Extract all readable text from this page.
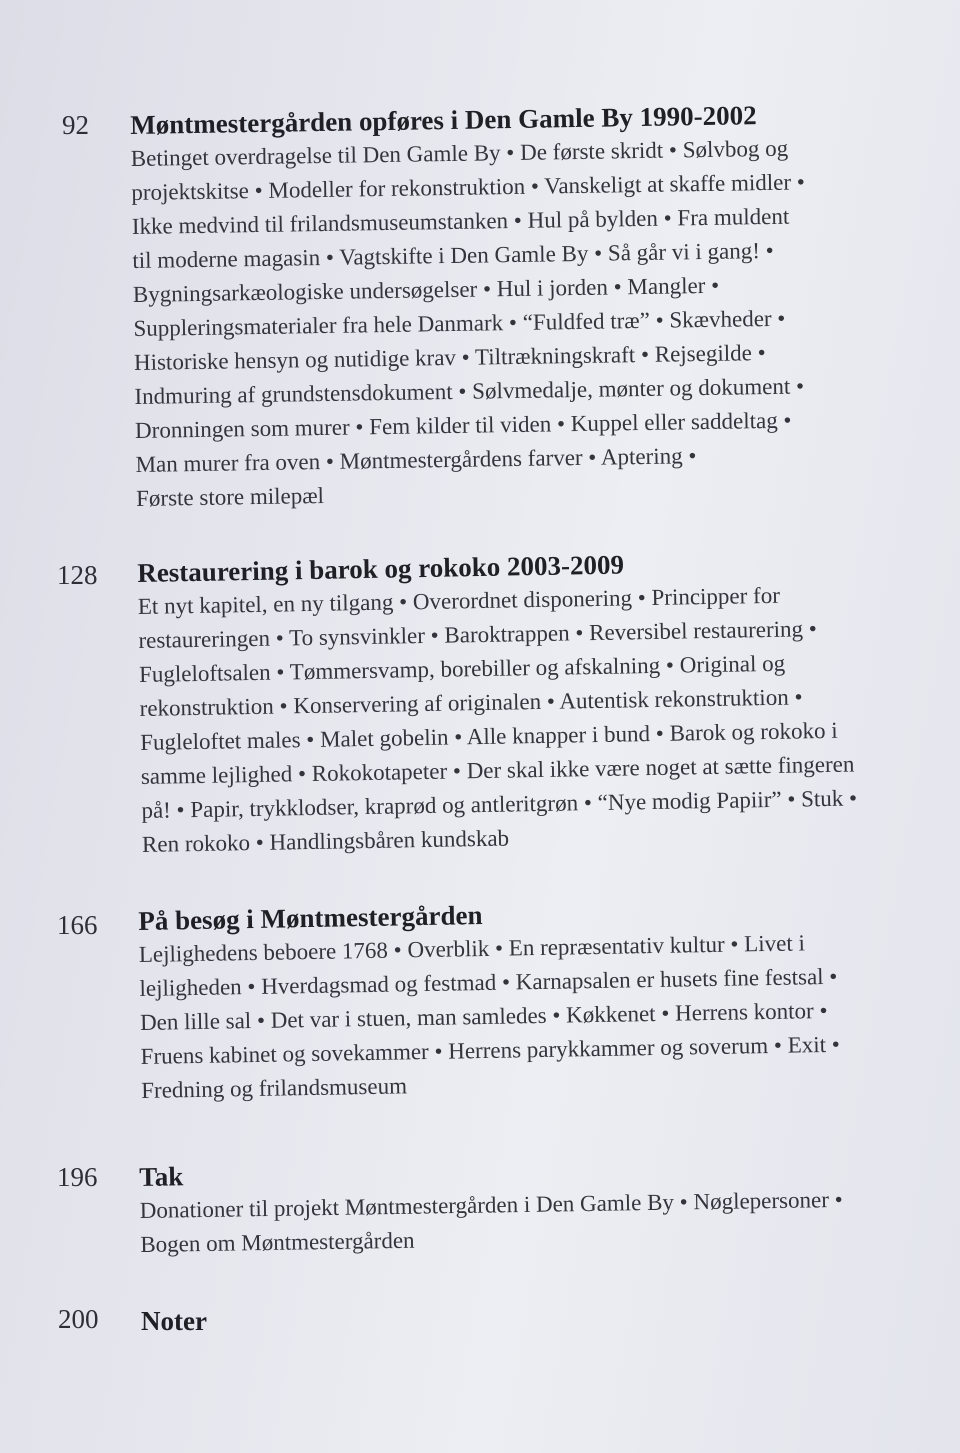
92 Møntmestergården opføres i Den Gamle By 1990-2002

Betinget overdragelse til Den Gamle By • De første skridt • Sølvbog og
projektskitse • Modeller for rekonstruktion • Vanskeligt at skaffe midler •
Ikke medvind til frilandsmuseumstanken • Hul på bylden • Fra muldent
til moderne magasin • Vagtskifte i Den Gamle By • Så går vi i gang! •
Bygningsarkæologiske undersøgelser • Hul i jorden • Mangler •
Suppleringsmaterialer fra hele Danmark • “Fuldfed træ” • Skævheder •
Historiske hensyn og nutidige krav • Tiltrækningskraft • Rejsegilde •
Indmuring af grundstensdokument • Sølvmedalje, mønter og dokument •
Dronningen som murer • Fem kilder til viden • Kuppel eller saddeltag •
Man murer fra oven • Møntmestergårdens farver • Aptering •
Første store milepæl

128 Restaurering i barok og rokoko 2003-2009

Et nyt kapitel, en ny tilgang • Overordnet disponering • Principper for
restaureringen • To synsvinkler • Baroktrappen • Reversibel restaurering •
Fugleloftsalen • Tømmersvamp, borebiller og afskalning • Original og
rekonstruktion • Konservering af originalen • Autentisk rekonstruktion •
Fugleloftet males • Malet gobelin • Alle knapper i bund • Barok og rokoko i
samme lejlighed • Rokokotapeter • Der skal ikke være noget at sætte fingeren
på! • Papir, trykklodser, kraprød og antleritgrøn • “Nye modig Papiir” • Stuk •
Ren rokoko • Handlingsbåren kundskab

166 På besøg i Møntmestergården

Lejlighedens beboere 1768 • Overblik • En repræsentativ kultur • Livet i
lejligheden • Hverdagsmad og festmad • Karnapsalen er husets fine festsal •
Den lille sal • Det var i stuen, man samledes • Køkkenet • Herrens kontor •
Fruens kabinet og sovekammer • Herrens parykkammer og soverum • Exit •
Fredning og frilandsmuseum

196 Tak

Donationer til projekt Møntmestergården i Den Gamle By • Nøglepersoner •
Bogen om Møntmestergården

200 Noter
